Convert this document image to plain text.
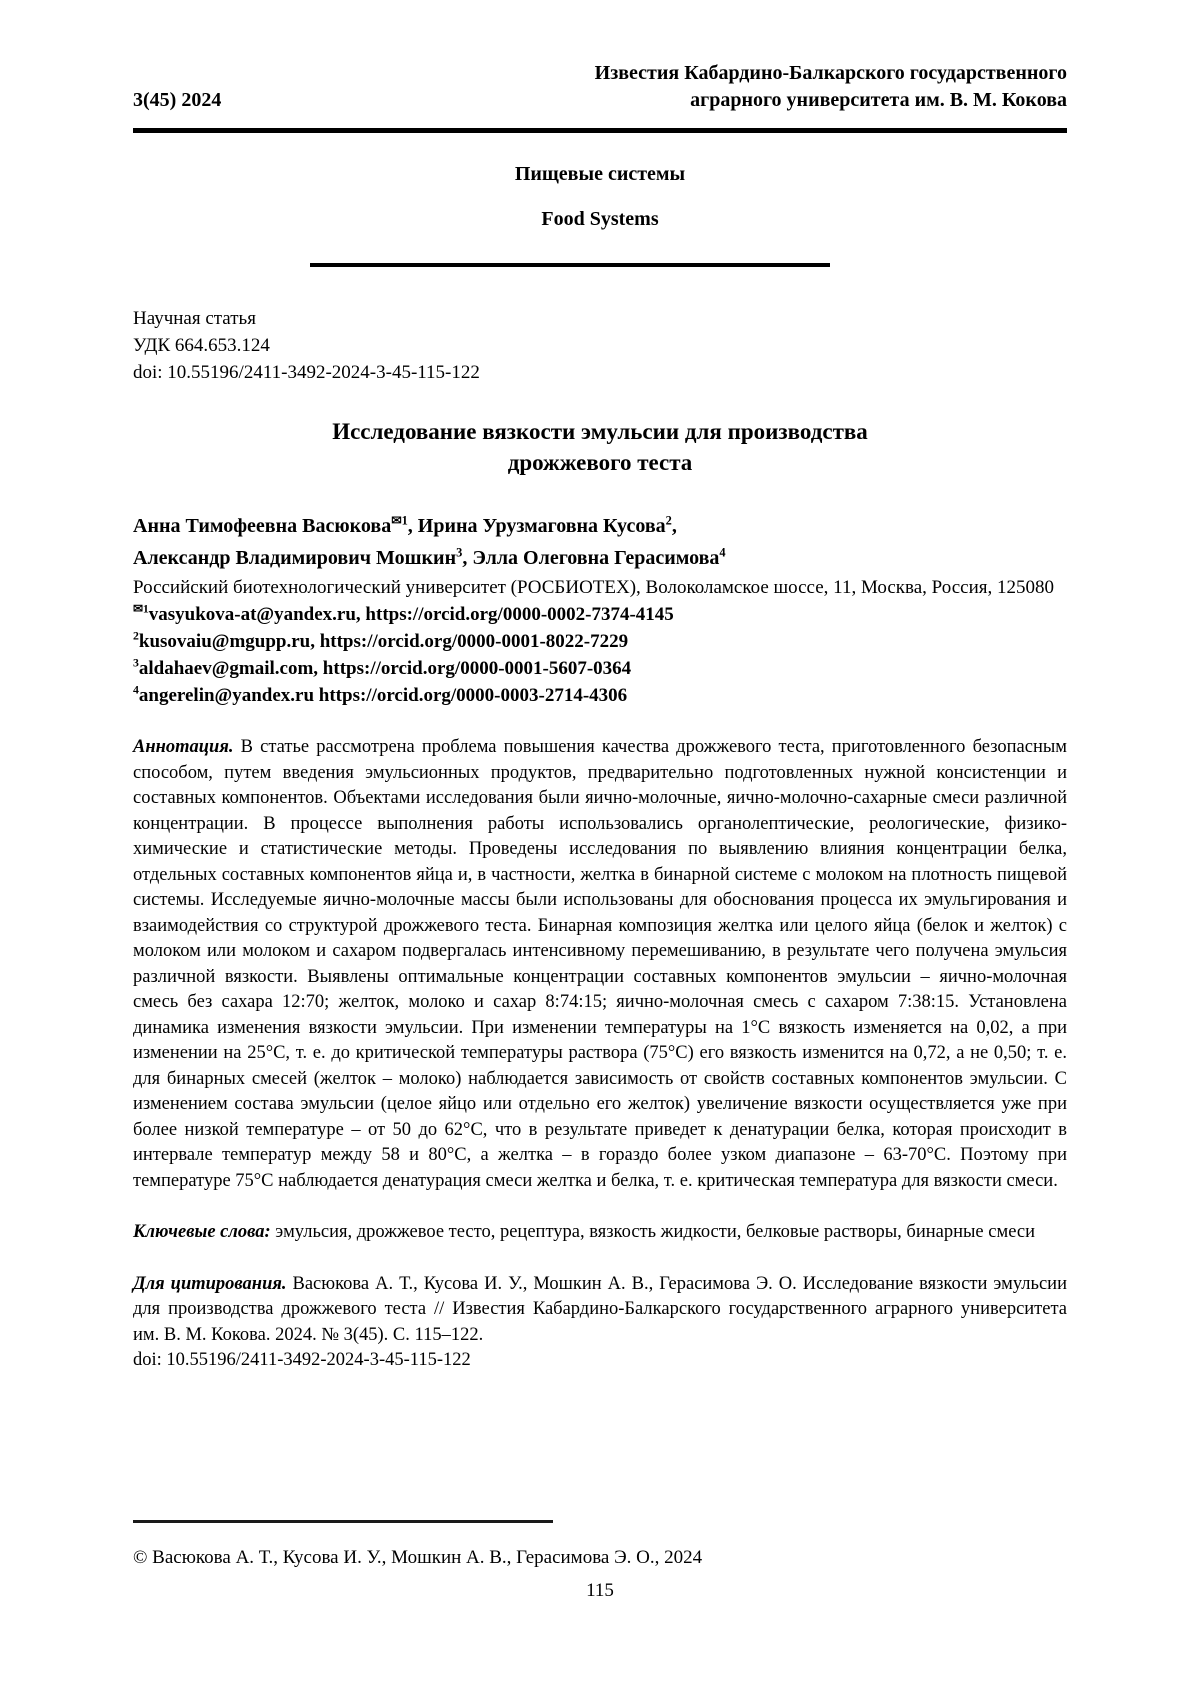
3(45) 2024
Известия Кабардино-Балкарского государственного
аграрного университета им. В. М. Кокова
Пищевые системы
Food Systems
Научная статья
УДК 664.653.124
doi: 10.55196/2411-3492-2024-3-45-115-122
Исследование вязкости эмульсии для производства
дрожжевого теста
Анна Тимофеевна Васюкова$^{✉1}$, Ирина Урузмаговна Кусова$^2$,
Александр Владимирович Мошкин$^3$, Элла Олеговна Герасимова$^4$
Российский биотехнологический университет (РОСБИОТЕХ), Волоколамское шоссе, 11, Москва, Россия, 125080
$^{✉1}$vasyukova-at@yandex.ru, https://orcid.org/0000-0002-7374-4145
$^2$kusovaiu@mgupp.ru, https://orcid.org/0000-0001-8022-7229
$^3$aldahaev@gmail.com, https://orcid.org/0000-0001-5607-0364
$^4$angerelin@yandex.ru https://orcid.org/0000-0003-2714-4306

Аннотация. В статье рассмотрена проблема повышения качества дрожжевого теста, приготовленного безопасным способом, путем введения эмульсионных продуктов, предварительно подготовленных нужной консистенции и составных компонентов. Объектами исследования были яично-молочные, яично-молочно-сахарные смеси различной концентрации. В процессе выполнения работы использовались органолептические, реологические, физико-химические и статистические методы. Проведены исследования по выявлению влияния концентрации белка, отдельных составных компонентов яйца и, в частности, желтка в бинарной системе с молоком на плотность пищевой системы. Исследуемые яично-молочные массы были использованы для обоснования процесса их эмульгирования и взаимодействия со структурой дрожжевого теста. Бинарная композиция желтка или целого яйца (белок и желток) с молоком или молоком и сахаром подвергалась интенсивному перемешиванию, в результате чего получена эмульсия различной вязкости. Выявлены оптимальные концентрации составных компонентов эмульсии – яично-молочная смесь без сахара 12:70; желток, молоко и сахар 8:74:15; яично-молочная смесь с сахаром 7:38:15. Установлена динамика изменения вязкости эмульсии. При изменении температуры на 1°С вязкость изменяется на 0,02, а при изменении на 25°С, т. е. до критической температуры раствора (75°С) его вязкость изменится на 0,72, а не 0,50; т. е. для бинарных смесей (желток – молоко) наблюдается зависимость от свойств составных компонентов эмульсии. С изменением состава эмульсии (целое яйцо или отдельно его желток) увеличение вязкости осуществляется уже при более низкой температуре – от 50 до 62°С, что в результате приведет к денатурации белка, которая происходит в интервале температур между 58 и 80°С, а желтка – в гораздо более узком диапазоне – 63-70°С. Поэтому при температуре 75°С наблюдается денатурация смеси желтка и белка, т. е. критическая температура для вязкости смеси.

Ключевые слова: эмульсия, дрожжевое тесто, рецептура, вязкость жидкости, белковые растворы, бинарные смеси

Для цитирования. Васюкова А. Т., Кусова И. У., Мошкин А. В., Герасимова Э. О. Исследование вязкости эмульсии для производства дрожжевого теста // Известия Кабардино-Балкарского государственного аграрного университета им. В. М. Кокова. 2024. № 3(45). С. 115–122.

doi: 10.55196/2411-3492-2024-3-45-115-122
© Васюкова А. Т., Кусова И. У., Мошкин А. В., Герасимова Э. О., 2024
115
